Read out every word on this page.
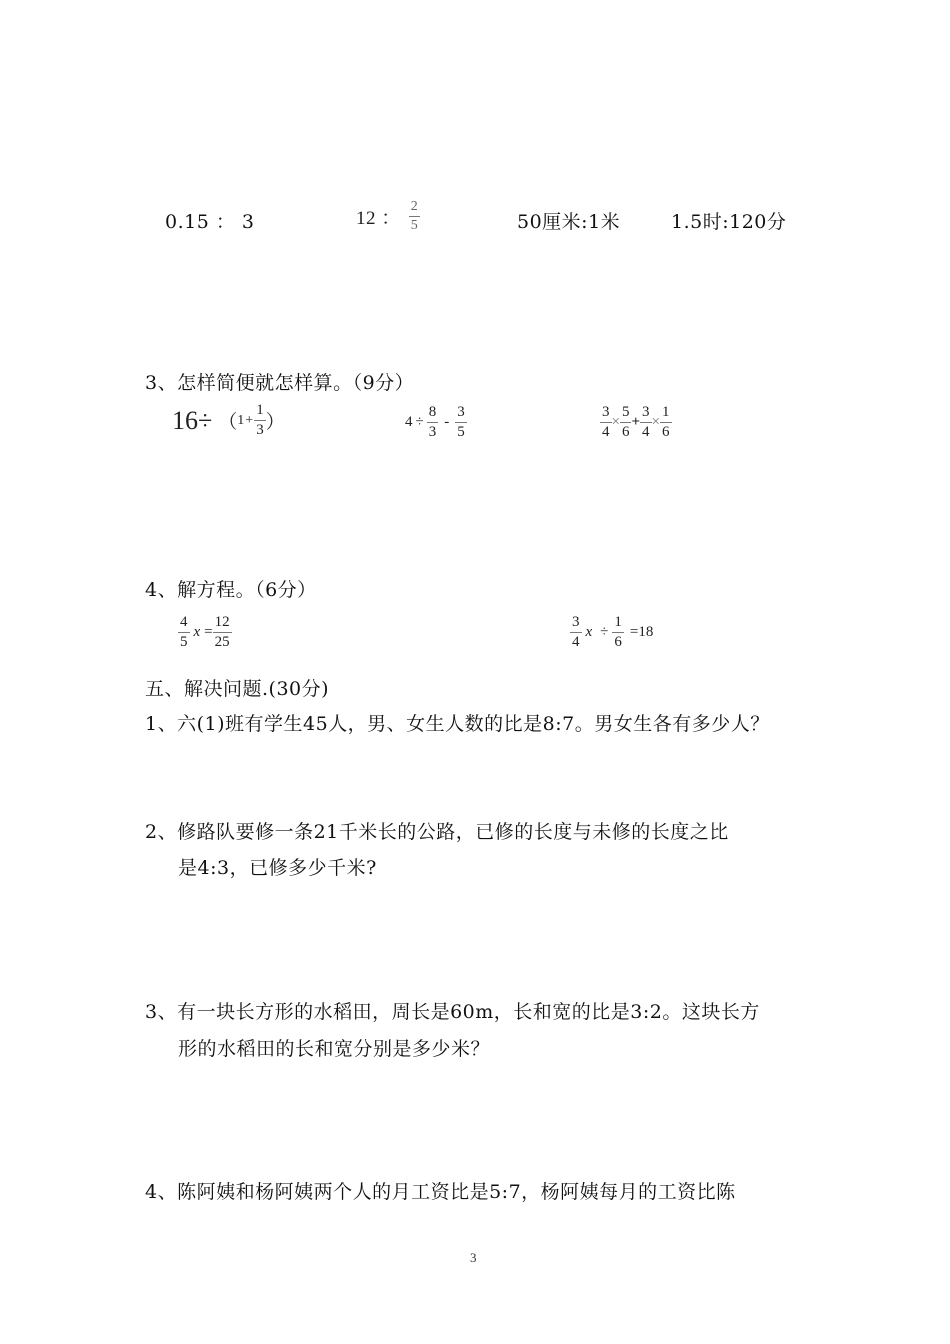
0.15 ： 3	12 ： $\frac{2}{5}$	50厘米:1米	1.5时:120分
3、怎样简便就怎样算。（9分）
16÷ （ $1 + \frac{1}{3}$ ）	$4 \div \frac{8}{3} - \frac{3}{5}$	$\frac{3}{4} \times \frac{5}{6} + \frac{3}{4} \times \frac{1}{6}$
4、解方程。（6分）
$\frac{4}{5}$ $x = \frac{12}{25}$	$\frac{3}{4}$ $x \div \frac{1}{6} =18$
五、解决问题.(30分)
1、六(1)班有学生45人，男、女生人数的比是8:7。男女生各有多少人？
2、修路队要修一条21千米长的公路，已修的长度与未修的长度之比
是4:3，已修多少千米?
3、有一块长方形的水稻田，周长是60m，长和宽的比是3:2。这块长方
形的水稻田的长和宽分别是多少米？
4、陈阿姨和杨阿姨两个人的月工资比是5:7，杨阿姨每月的工资比陈
3
